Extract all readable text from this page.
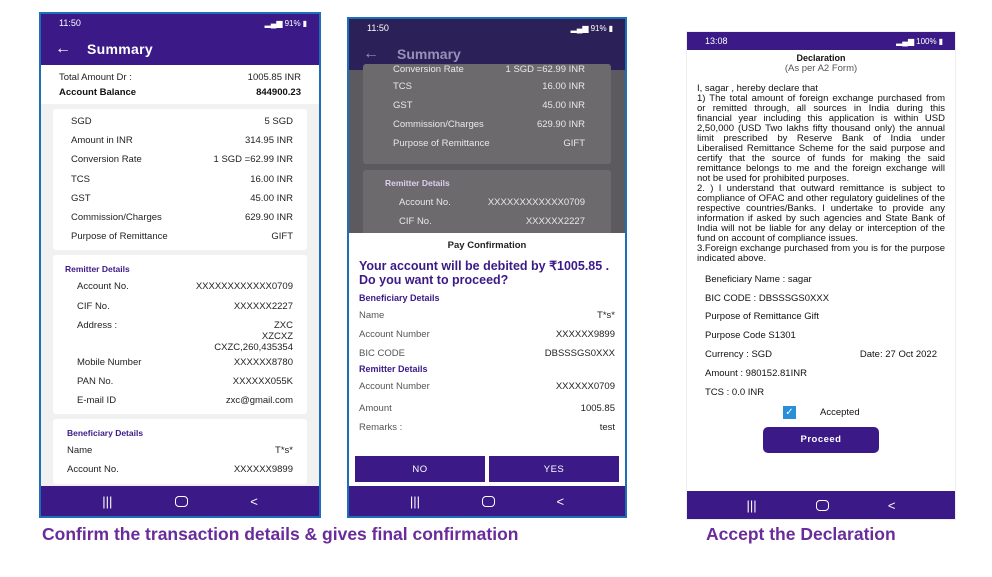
11:50	▂▄▆ 91% ▮
←	Summary
Total Amount Dr :	1005.85 INR
Account Balance	844900.23
SGD	5 SGD
Amount in INR	314.95 INR
Conversion Rate	1 SGD =62.99 INR
TCS	16.00 INR
GST	45.00 INR
Commission/Charges	629.90 INR
Purpose of Remittance	GIFT
Remitter Details
Account No.	XXXXXXXXXXXX0709
CIF No.	XXXXXX2227
Address :	ZXC
XZCXZ
CXZC,260,435354
Mobile Number	XXXXXX8780
PAN No.	XXXXXX055K
E-mail ID	zxc@gmail.com
Beneficiary Details
Name	T*s*
Account No.	XXXXXX9899
|||	<
11:50	▂▄▆ 91% ▮
←	Summary
Conversion Rate	1 SGD =62.99 INR
TCS	16.00 INR
GST	45.00 INR
Commission/Charges	629.90 INR
Purpose of Remittance	GIFT
Remitter Details
Account No.	XXXXXXXXXXXX0709
CIF No.	XXXXXX2227
Pay Confirmation
Your account will be debited by ₹1005.85 . Do you want to proceed?
Beneficiary Details
Name	T*s*
Account Number	XXXXXX9899
BIC CODE	DBSSSGS0XXX
Remitter Details
Account Number	XXXXXX0709
Amount	1005.85
Remarks :	test
NO	YES
|||	<
13:08	▂▄▆ 100% ▮
Declaration
(As per A2 Form)
I, sagar , hereby declare that
1) The total amount of foreign exchange purchased from or remitted through, all sources in India during this financial year including this application is within USD 2,50,000 (USD Two lakhs fifty thousand only) the annual limit prescribed by Reserve Bank of India under Liberalised Remittance Scheme for the said purpose and certify that the source of funds for making the said remittance belongs to me and the foreign exchange will not be used for prohibited purposes.
2. ) I understand that outward remittance is subject to compliance of OFAC and other regulatory guidelines of the respective countries/Banks. I undertake to provide any information if asked by such agencies and State Bank of India will not be liable for any delay or interception of the fund on account of compliance issues.
3.Foreign exchange purchased from you is for the purpose indicated above.
Beneficiary Name : sagar
BIC CODE : DBSSSGS0XXX
Purpose of Remittance Gift
Purpose Code S1301
Currency : SGD	Date: 27 Oct 2022
Amount : 980152.81INR
TCS : 0.0 INR
✓	Accepted
Proceed
|||	<
Confirm the transaction details & gives final confirmation	Accept the Declaration
